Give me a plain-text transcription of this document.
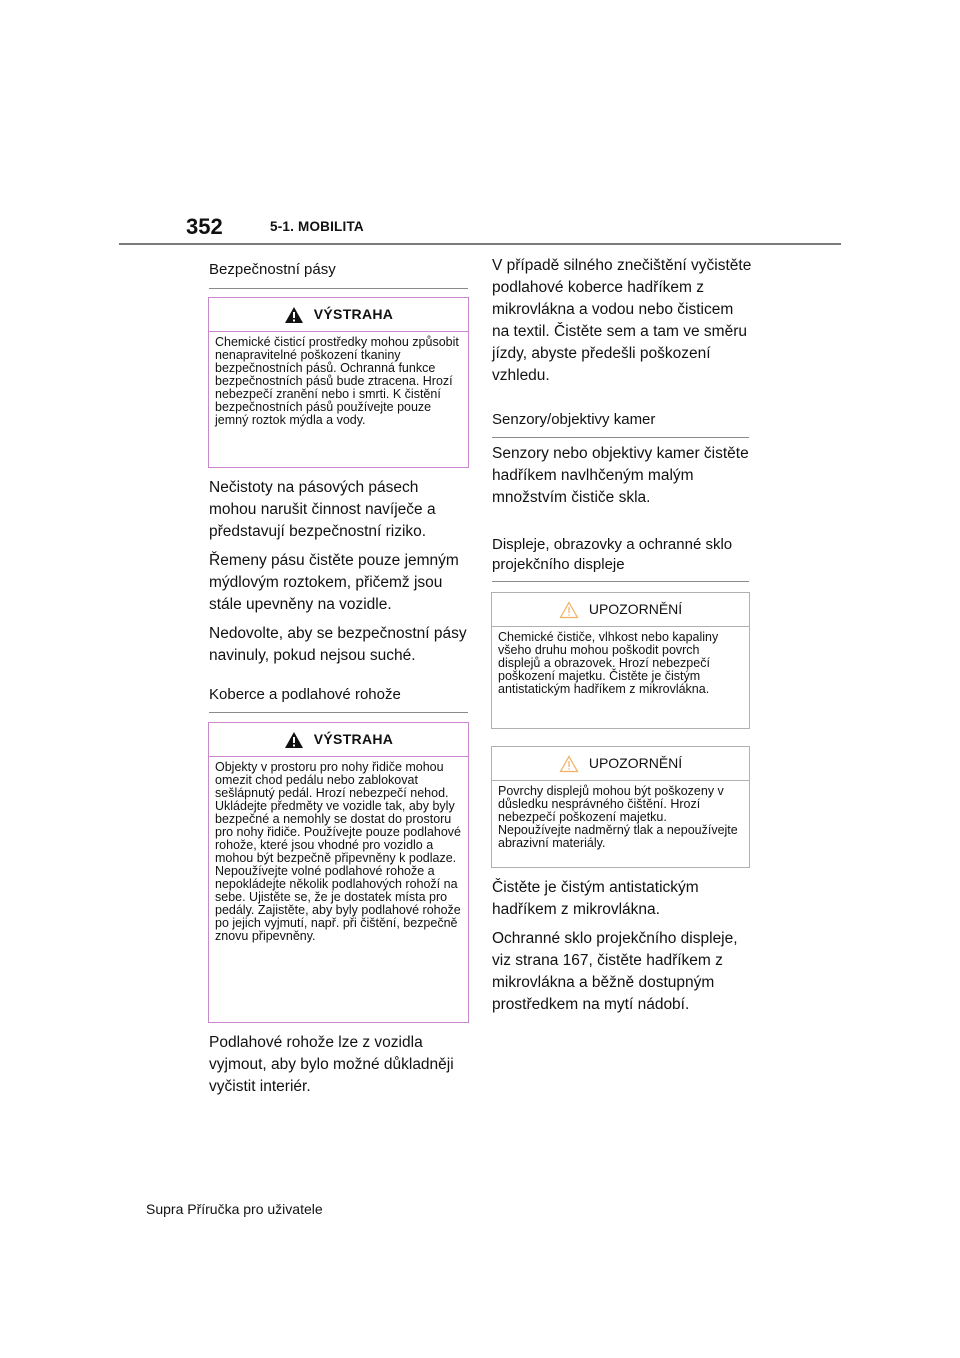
352	5-1. MOBILITA
Bezpečnostní pásy
VÝSTRAHA
Chemické čisticí prostředky mohou způsobit nenapravitelné poškození tkaniny bezpečnostních pásů. Ochranná funkce bezpečnostních pásů bude ztracena. Hrozí nebezpečí zranění nebo i smrti. K čistění bezpečnostních pásů používejte pouze jemný roztok mýdla a vody.

Nečistoty na pásových pásech mohou narušit činnost navíječe a představují bezpečnostní riziko.

Řemeny pásu čistěte pouze jemným mýdlovým roztokem, přičemž jsou stále upevněny na vozidle.

Nedovolte, aby se bezpečnostní pásy navinuly, pokud nejsou suché.

Koberce a podlahové rohože
VÝSTRAHA
Objekty v prostoru pro nohy řidiče mohou omezit chod pedálu nebo zablokovat sešlápnutý pedál. Hrozí nebezpečí nehod. Ukládejte předměty ve vozidle tak, aby byly bezpečné a nemohly se dostat do prostoru pro nohy řidiče. Používejte pouze podlahové rohože, které jsou vhodné pro vozidlo a mohou být bezpečně připevněny k podlaze. Nepoužívejte volné podlahové rohože a nepokládejte několik podlahových rohoží na sebe. Ujistěte se, že je dostatek místa pro pedály. Zajistěte, aby byly podlahové rohože po jejich vyjmutí, např. při čištění, bezpečně znovu připevněny.

Podlahové rohože lze z vozidla vyjmout, aby bylo možné důkladněji vyčistit interiér.

V případě silného znečištění vyčistěte podlahové koberce hadříkem z mikrovlákna a vodou nebo čisticem na textil. Čistěte sem a tam ve směru jízdy, abyste předešli poškození vzhledu.

Senzory/objektivy kamer

Senzory nebo objektivy kamer čistěte hadříkem navlhčeným malým množstvím čističe skla.

Displeje, obrazovky a ochranné sklo projekčního displeje
UPOZORNĚNÍ
Chemické čističe, vlhkost nebo kapaliny všeho druhu mohou poškodit povrch displejů a obrazovek. Hrozí nebezpečí poškození majetku. Čistěte je čistým antistatickým hadříkem z mikrovlákna.
UPOZORNĚNÍ
Povrchy displejů mohou být poškozeny v důsledku nesprávného čištění. Hrozí nebezpečí poškození majetku. Nepoužívejte nadměrný tlak a nepoužívejte abrazivní materiály.

Čistěte je čistým antistatickým hadříkem z mikrovlákna.

Ochranné sklo projekčního displeje, viz strana 167, čistěte hadříkem z mikrovlákna a běžně dostupným prostředkem na mytí nádobí.

Supra Příručka pro uživatele
